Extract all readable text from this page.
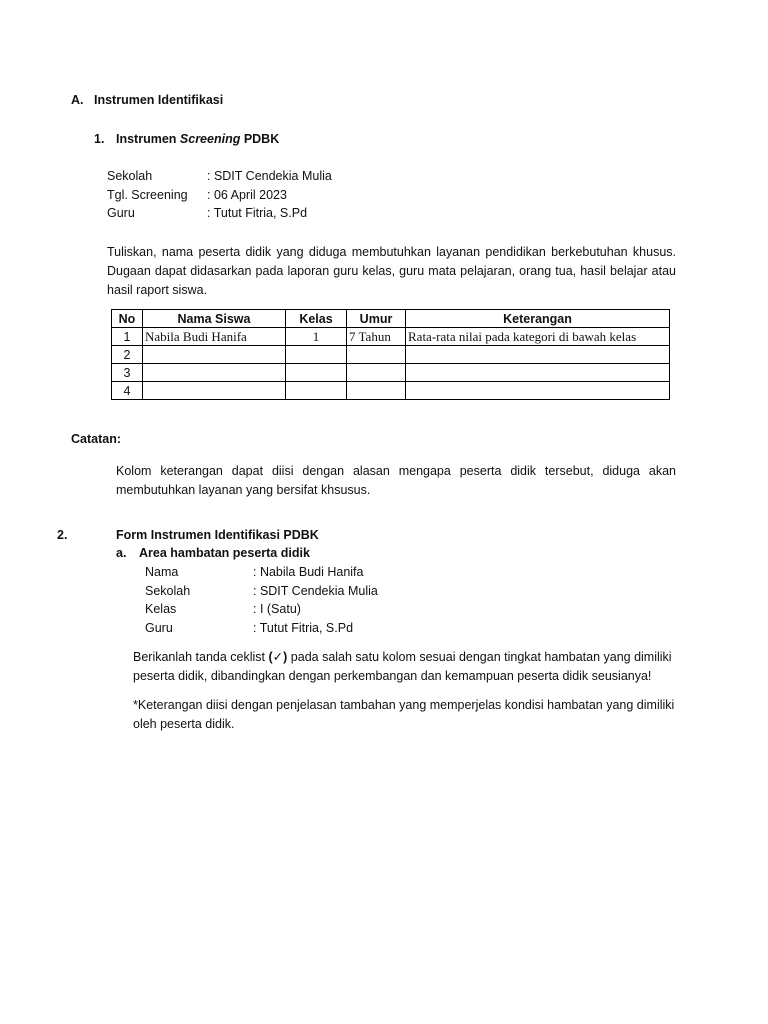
A. Instrumen Identifikasi
1. Instrumen Screening PDBK
Sekolah	: SDIT Cendekia Mulia
Tgl. Screening : 06 April 2023
Guru	: Tutut Fitria, S.Pd
Tuliskan, nama peserta didik yang diduga membutuhkan layanan pendidikan berkebutuhan khusus. Dugaan dapat didasarkan pada laporan guru kelas, guru mata pelajaran, orang tua, hasil belajar atau hasil raport siswa.
No	Nama Siswa	Kelas	Umur	Keterangan
1	Nabila Budi Hanifa	1	7 Tahun	Rata-rata nilai pada kategori di bawah kelas
2				
3				
4				
Catatan:
Kolom keterangan dapat diisi dengan alasan mengapa peserta didik tersebut, diduga akan membutuhkan layanan yang bersifat khsusus.
2.	Form Instrumen Identifikasi PDBK
a. Area hambatan peserta didik
Nama	: Nabila Budi Hanifa
Sekolah	: SDIT Cendekia Mulia
Kelas	: I (Satu)
Guru	: Tutut Fitria, S.Pd
Berikanlah tanda ceklist (✓) pada salah satu kolom sesuai dengan tingkat hambatan yang dimiliki peserta didik, dibandingkan dengan perkembangan dan kemampuan peserta didik seusianya!
*Keterangan diisi dengan penjelasan tambahan yang memperjelas kondisi hambatan yang dimiliki oleh peserta didik.
